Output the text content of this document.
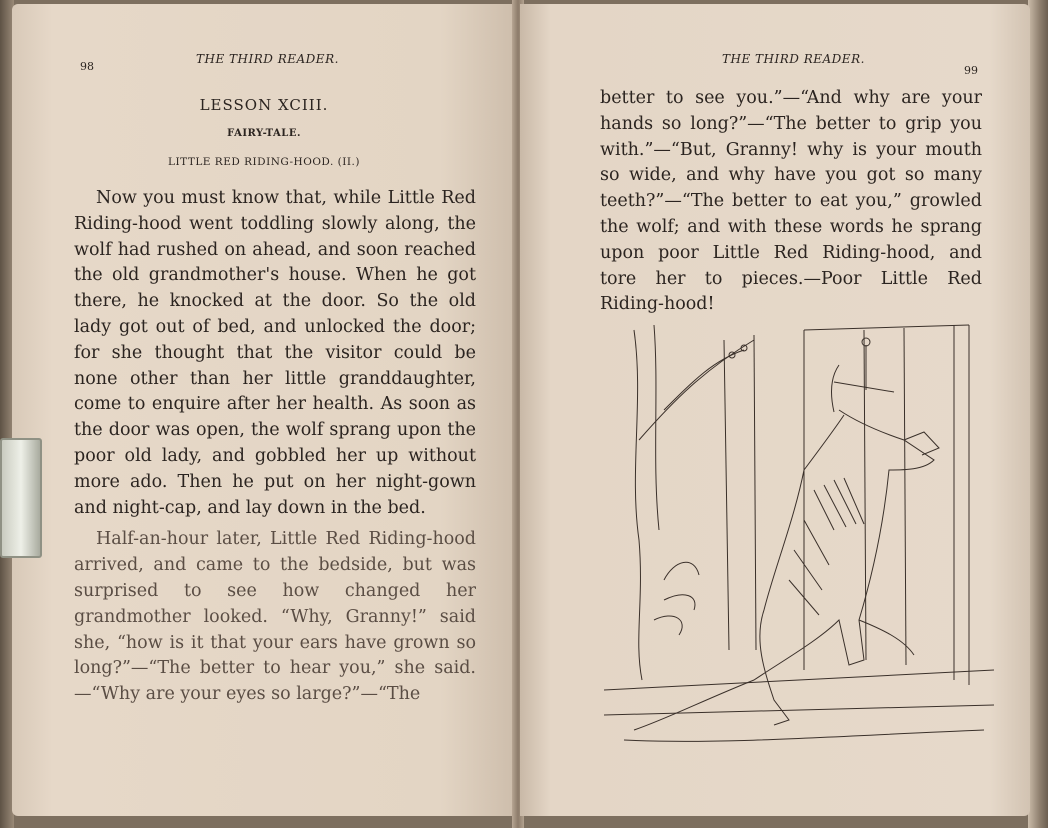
98
THE THIRD READER.
LESSON XCIII.
FAIRY-TALE.
LITTLE RED RIDING-HOOD. (II.)

Now you must know that, while Little Red Riding-hood went toddling slowly along, the wolf had rushed on ahead, and soon reached the old grandmother's house. When he got there, he knocked at the door. So the old lady got out of bed, and unlocked the door; for she thought that the visitor could be none other than her little granddaughter, come to enquire after her health. As soon as the door was open, the wolf sprang upon the poor old lady, and gobbled her up without more ado. Then he put on her night-gown and night-cap, and lay down in the bed.

Half-an-hour later, Little Red Riding-hood arrived, and came to the bedside, but was surprised to see how changed her grandmother looked. “Why, Granny!” said she, “how is it that your ears have grown so long?”—“The better to hear you,” she said. —“Why are your eyes so large?”—“The

THE THIRD READER.
99

better to see you.”—“And why are your hands so long?”—“The better to grip you with.”—“But, Granny! why is your mouth so wide, and why have you got so many teeth?”—“The better to eat you,” growled the wolf; and with these words he sprang upon poor Little Red Riding-hood, and tore her to pieces.—Poor Little Red Riding-hood!
